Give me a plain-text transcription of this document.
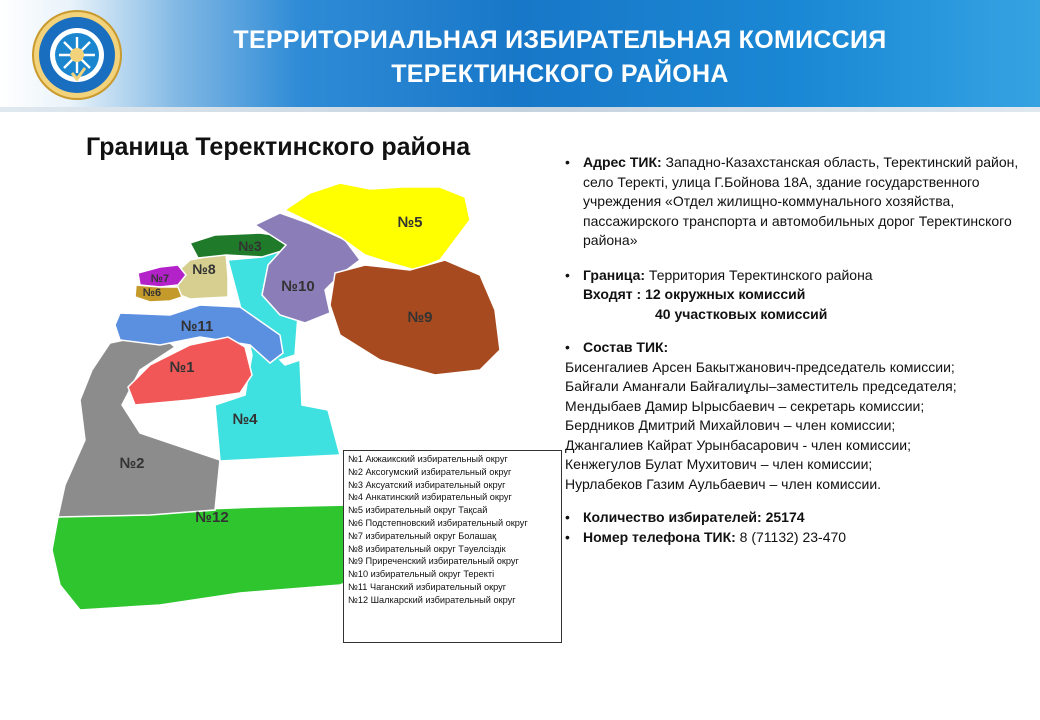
ТЕРРИТОРИАЛЬНАЯ ИЗБИРАТЕЛЬНАЯ КОМИССИЯ
ТЕРЕКТИНСКОГО РАЙОНА
Граница Теректинского района
№5
№3
№8
№7
№6	№10
№9
№11
№1
№4
№2
№12
№1 Акжаикский избирательный округ
№2 Аксогумский избирательный округ
№3 Аксуатский избирательный округ
№4 Анкатинский избирательный округ
№5 избирательный округ Тақсай
№6 Подстепновский избирательный округ
№7 избирательный округ Болашақ
№8 избирательный округ Тәуелсіздік
№9 Приреченский избирательный округ
№10 избирательный округ Теректі
№11 Чаганский избирательный округ
№12 Шалкарский избирательный округ
• Адрес ТИК: Западно-Казахстанская область, Теректинский район, село Теректі, улица Г.Бойнова 18А, здание государственного учреждения «Отдел жилищно-коммунального хозяйства, пассажирского транспорта и автомобильных дорог Теректинского района»
• Граница: Территория Теректинского района
Входят : 12 окружных комиссий
40 участковых комиссий
• Состав ТИК:
Бисенгалиев Арсен Бакытжанович-председатель комиссии;
Байғали Аманғали Байғалиұлы–заместитель председателя;
Мендыбаев Дамир Ырысбаевич – секретарь комиссии;
Бердников Дмитрий Михайлович – член комиссии;
Джангалиев Кайрат Урынбасарович - член комиссии;
Кенжегулов Булат Мухитович – член комиссии;
Нурлабеков Газим Аульбаевич – член комиссии.
• Количество избирателей: 25174
• Номер телефона ТИК: 8 (71132) 23-470
